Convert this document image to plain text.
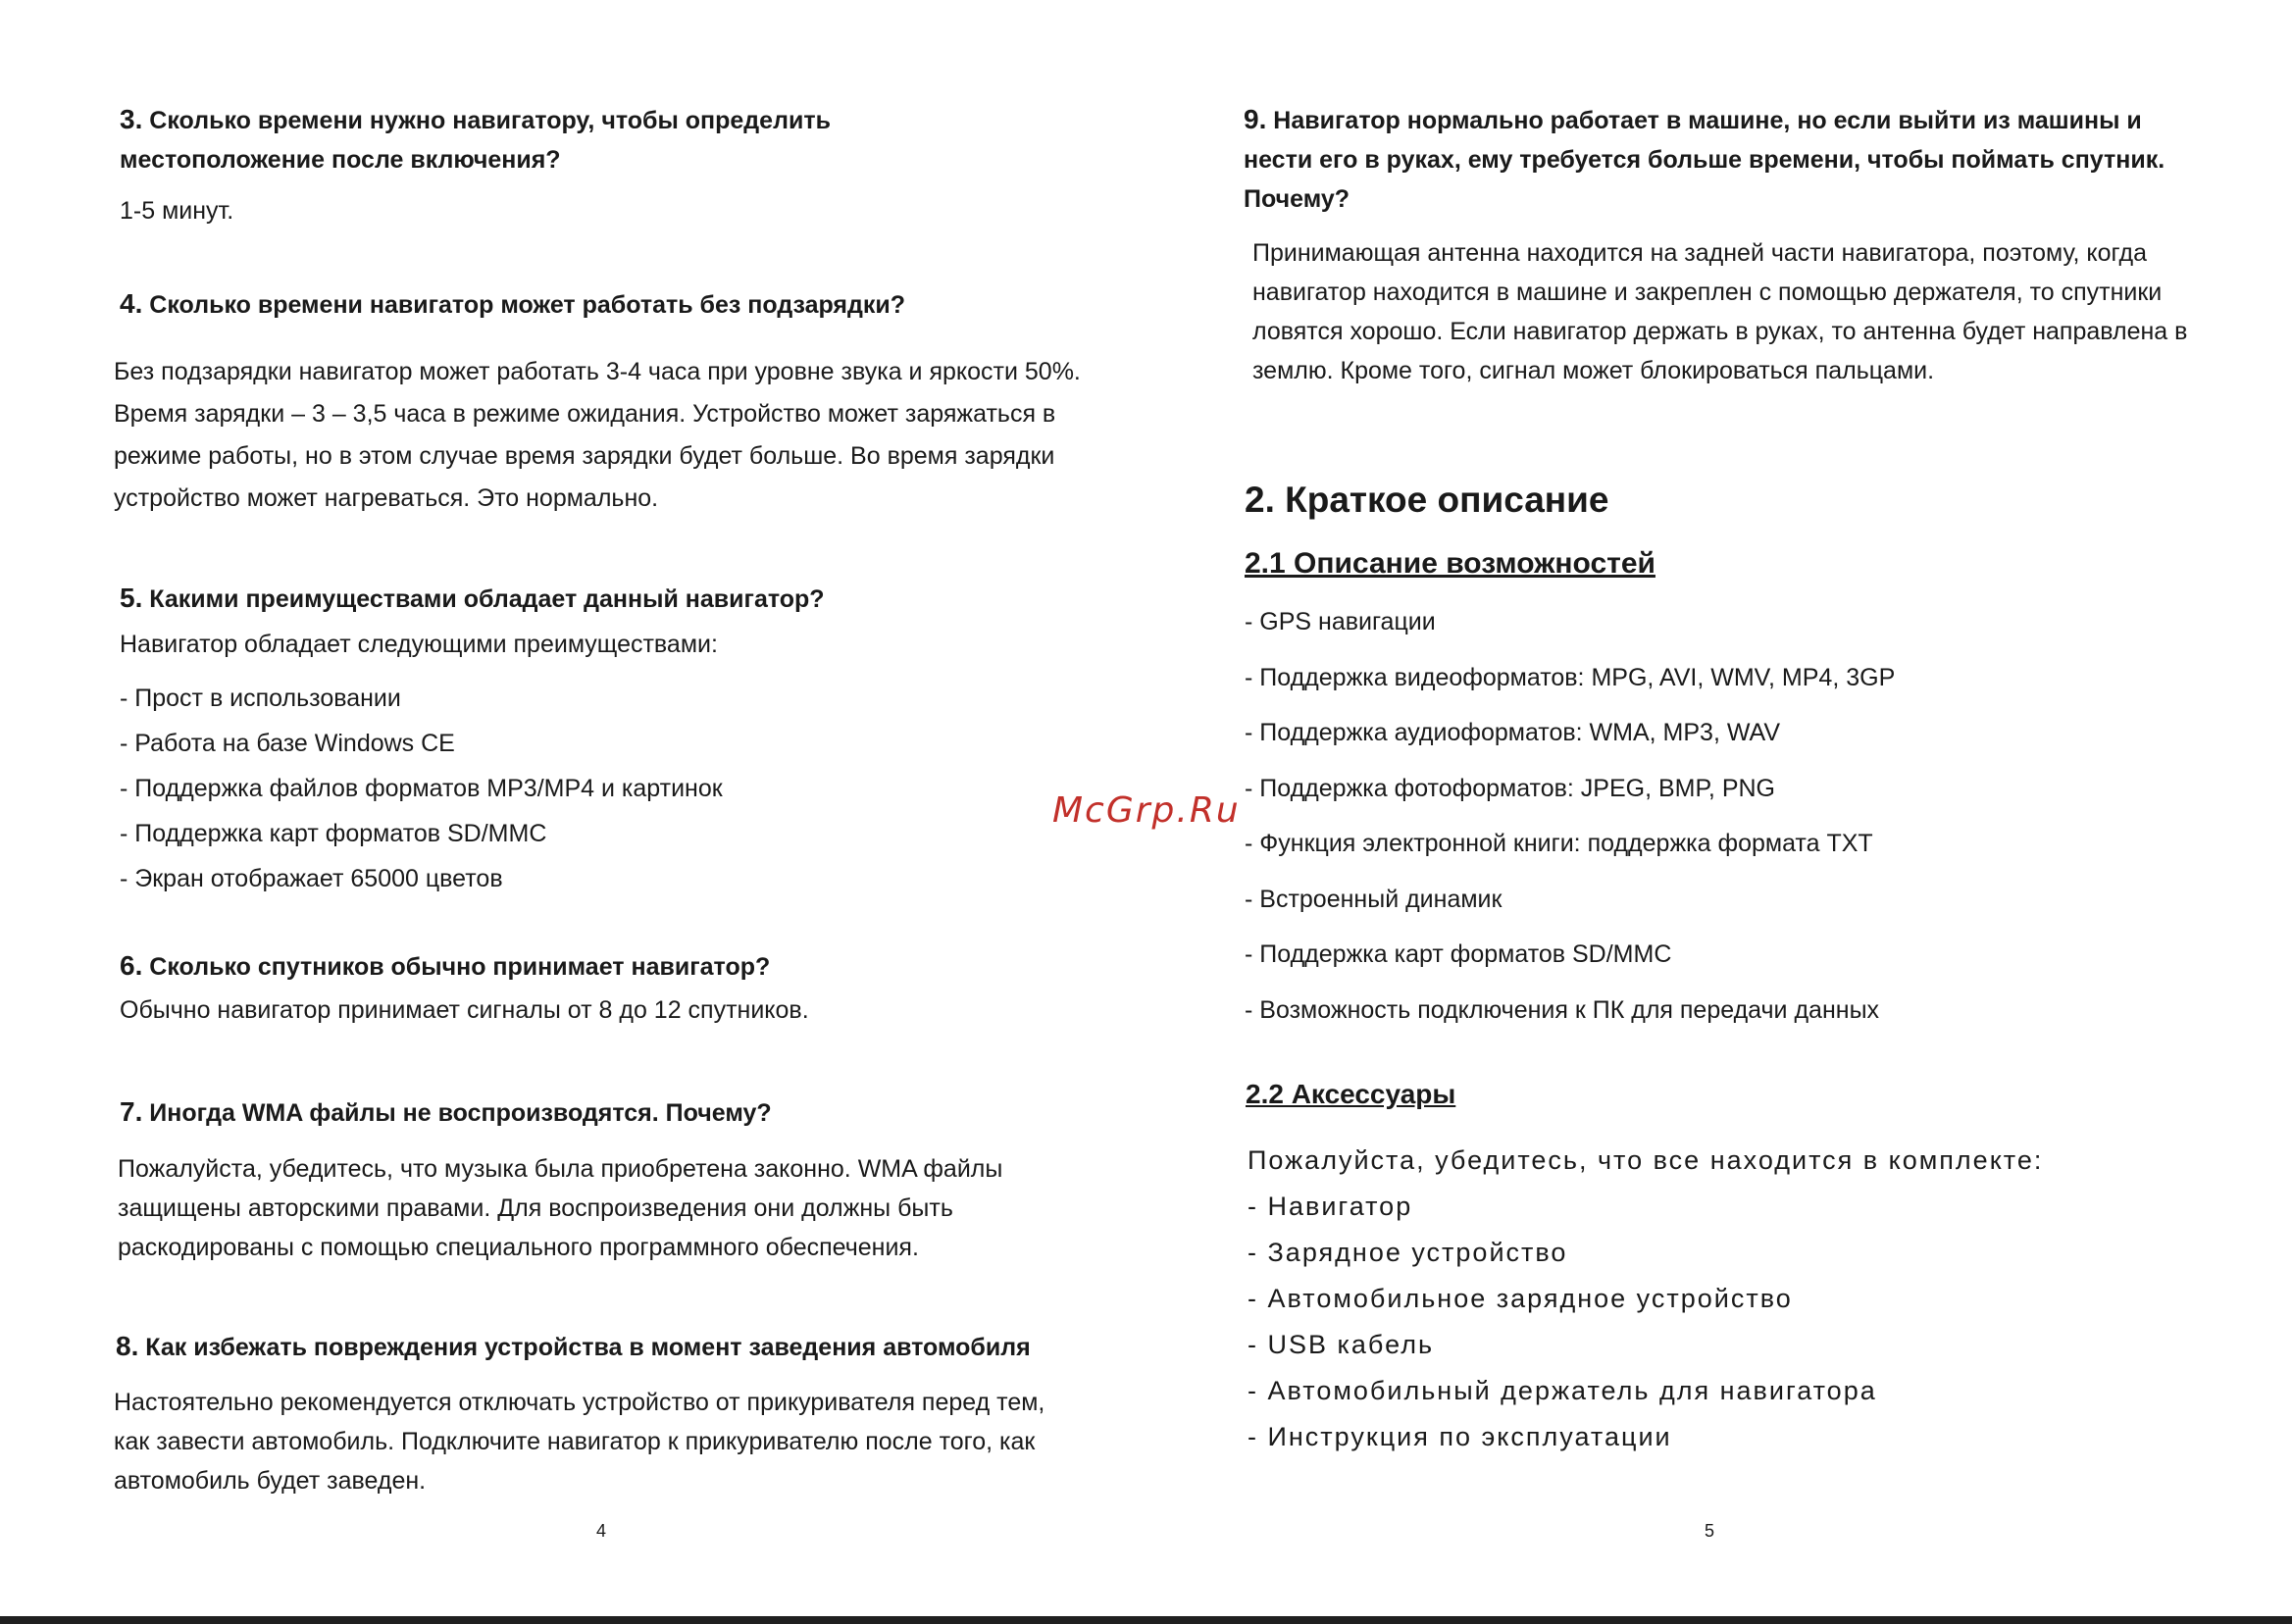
3. Сколько времени нужно навигатору, чтобы определить местоположение после включения?

1-5 минут.

4. Сколько времени навигатор может работать без подзарядки?

Без подзарядки навигатор может работать 3-4 часа при уровне звука и яркости 50%. Время зарядки – 3 – 3,5 часа в режиме ожидания. Устройство может заряжаться в режиме работы, но в этом случае время зарядки будет больше. Во время зарядки устройство может нагреваться. Это нормально.

5. Какими преимуществами обладает данный навигатор?

Навигатор обладает следующими преимуществами:

- Прост в использовании
- Работа на базе Windows CE
- Поддержка файлов форматов MP3/MP4 и картинок
- Поддержка карт форматов SD/MMC
- Экран отображает 65000 цветов

6. Сколько спутников обычно принимает навигатор?

Обычно навигатор принимает сигналы от 8 до 12 спутников.

7. Иногда WMA файлы не воспроизводятся. Почему?

Пожалуйста, убедитесь, что музыка была приобретена законно. WMA файлы защищены авторскими правами. Для воспроизведения они должны быть раскодированы с помощью специального программного обеспечения.

8. Как избежать повреждения устройства в момент заведения автомобиля

Настоятельно рекомендуется отключать устройство от прикуривателя перед тем, как завести автомобиль. Подключите навигатор к прикуривателю после того, как автомобиль будет заведен.

4

9. Навигатор нормально работает в машине, но если выйти из машины и нести его в руках, ему требуется больше времени, чтобы поймать спутник. Почему?

Принимающая антенна находится на задней части навигатора, поэтому, когда навигатор находится в машине и закреплен с помощью держателя, то спутники ловятся хорошо. Если навигатор держать в руках, то антенна будет направлена в землю. Кроме того, сигнал может блокироваться пальцами.

2. Краткое описание
2.1 Описание возможностей
- GPS навигации
- Поддержка видеоформатов: MPG, AVI, WMV, MP4, 3GP
- Поддержка аудиоформатов: WMA, MP3, WAV
- Поддержка фотоформатов: JPEG, BMP, PNG
- Функция электронной книги: поддержка формата TXT
- Встроенный динамик
- Поддержка карт форматов SD/MMC
- Возможность подключения к ПК для передачи данных
2.2 Аксессуары

Пожалуйста, убедитесь, что все находится в комплекте:

- Навигатор
- Зарядное устройство
- Автомобильное зарядное устройство
- USB кабель
- Автомобильный держатель для навигатора
- Инструкция по эксплуатации
5
McGrp.Ru
